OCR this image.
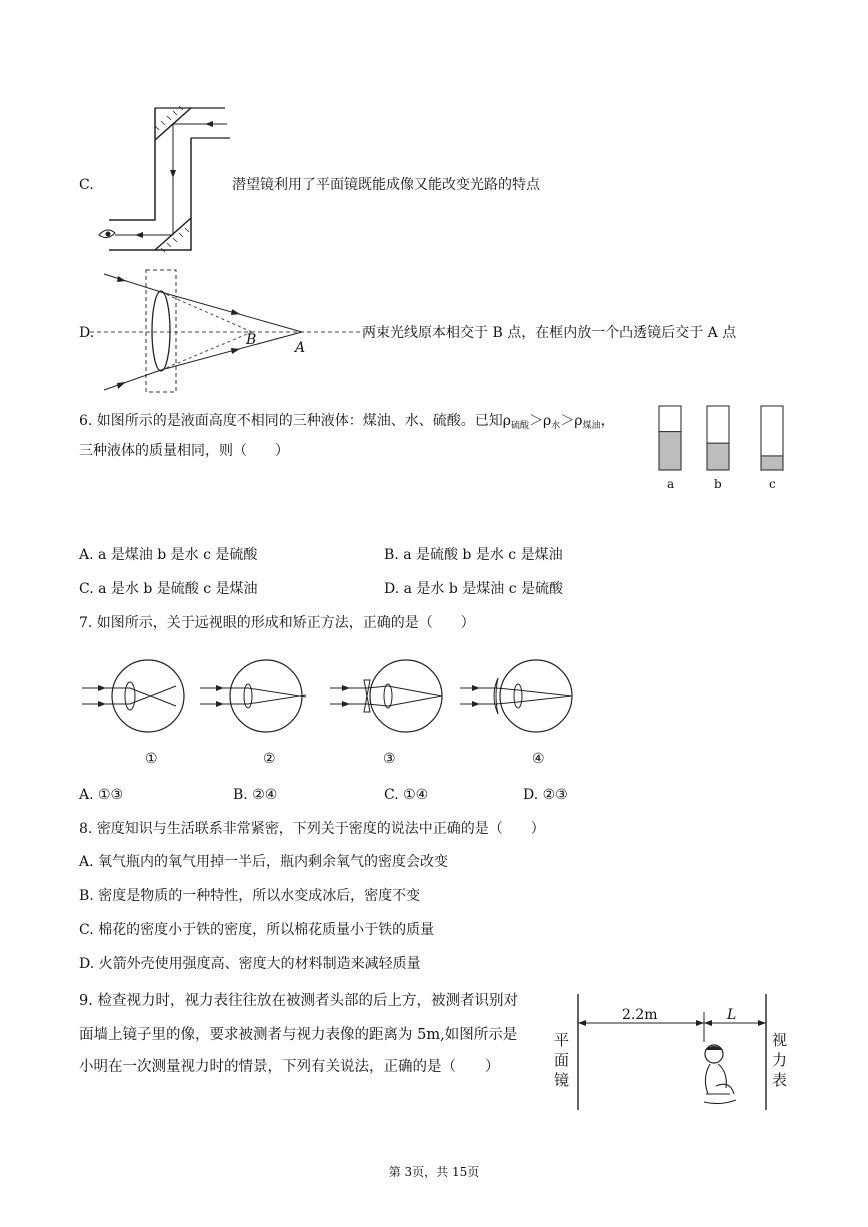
C.	潜望镜利用了平面镜既能成像又能改变光路的特点
B	A
D.	两束光线原本相交于 B 点，在框内放一个凸透镜后交于 A 点
6. 如图所示的是液面高度不相同的三种液体：煤油、水、硫酸。已知$\rho_{硫酸}>\rho_水>\rho_{煤油}$，
三种液体的质量相同，则（　　）
a	b	c
A. a 是煤油 b 是水 c 是硫酸	B. a 是硫酸 b 是水 c 是煤油
C. a 是水 b 是硫酸 c 是煤油	D. a 是水 b 是煤油 c 是硫酸
7. 如图所示，关于远视眼的形成和矫正方法，正确的是（　　）
①	②	③	④
A. ①③	B. ②④	C. ①④	D. ②③
8. 密度知识与生活联系非常紧密，下列关于密度的说法中正确的是（　　）
A. 氧气瓶内的氧气用掉一半后，瓶内剩余氧气的密度会改变
B. 密度是物质的一种特性，所以水变成冰后，密度不变
C. 棉花的密度小于铁的密度，所以棉花质量小于铁的质量
D. 火箭外壳使用强度高、密度大的材料制造来减轻质量
9. 检查视力时，视力表往往放在被测者头部的后上方，被测者识别对
面墙上镜子里的像，要求被测者与视力表像的距离为 5m,如图所示是
小明在一次测量视力时的情景，下列有关说法，正确的是（　　）
2.2m	L
平面镜
视力表
第 3页，共 15页
